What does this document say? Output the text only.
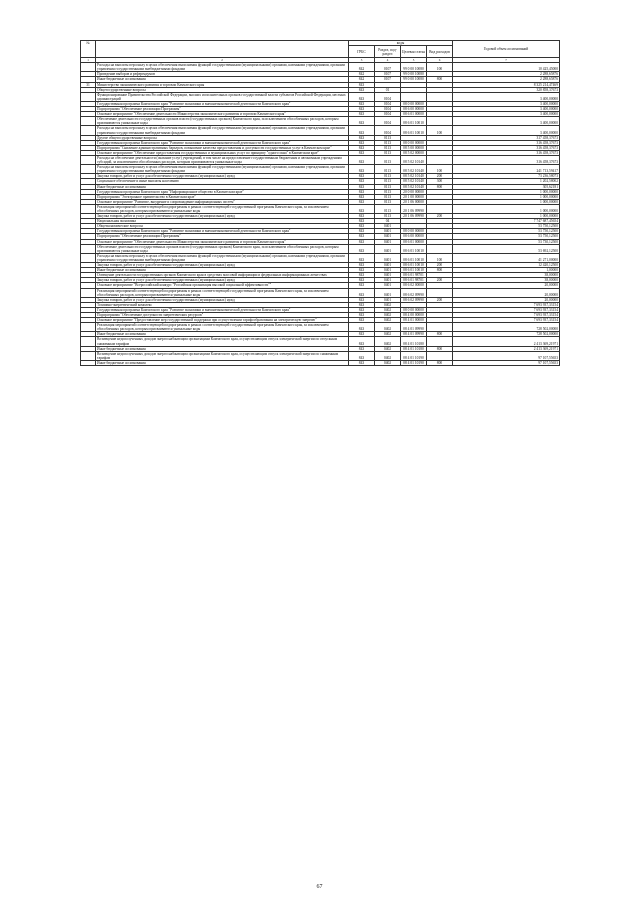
№		коды				Годовой объем ассигнований
		ГРБС	Раздел, под-раздел	Целевая статья	Вид расходов	
1	2	3	4	5	6	7
	Расходы на выплаты персоналу в целях обеспечения выполнения функций государственными (муниципальными) органами, казенными учреждениями, органами управления государственными внебюджетными фондами	842	0107	99 0 00 10080	100	10 425,45000
	Проведение выборов и референдумов	842	0107	99 0 00 10080		2 288,65876
	Иные бюджетные ассигнования	842	0107	99 0 00 10080	800	2 288,65876
31	Министерство экономического развития и торговли Камчатского края	843				8 325 214,47469
	Общегосударственные вопросы	843	01			320 858,37673
	Функционирование Правительства Российской Федерации, высших исполнительных органов государственной власти субъектов Российской Федерации, местных администраций	843	0104			3 400,00000
	Государственная программа Камчатского края "Развитие экономики и внешнеэкономической деятельности Камчатского края"	843	0104	08 0 00 00000		3 400,00000
	Подпрограмма "Обеспечение реализации Программы"	843	0104	08 6 00 00000		3 400,00000
	Основное мероприятие "Обеспечение деятельности Министерства экономического развития и торговли Камчатского края"	843	0104	08 6 01 00000		3 400,00000
	Обеспечение деятельности государственных органов власти (государственных органов) Камчатского края, за исключением обособленных расходов, которым присваиваются уникальные коды	843	0104	08 6 01 10010		3 400,00000
	Расходы на выплаты персоналу в целях обеспечения выполнения функций государственными (муниципальными) органами, казенными учреждениями, органами управления государственными внебюджетными фондами	843	0104	08 6 01 10010	100	3 400,00000
	Другие общегосударственные вопросы	843	0113			317 458,37673
	Государственная программа Камчатского края "Развитие экономики и внешнеэкономической деятельности Камчатского края"	843	0113	08 0 00 00000		316 458,37673
	Подпрограмма "Снижение административных барьеров, повышение качества предоставления и доступности государственных услуг в Камчатском крае"	843	0113	08 5 00 00000		316 458,37673
	Основное мероприятие "Обеспечение предоставления государственных и муниципальных услуг по принципу "одного окна" в Камчатском крае"	843	0113	08 5 02 00000		316 458,37673
	Расходы на обеспечение деятельности (оказание услуг) учреждений, в том числе на предоставление государственным бюджетным и автономным учреждениям субсидий, за исключением обособленных расходов, которым присваиваются уникальные коды	843	0113	08 5 02 10140		316 458,37673
	Расходы на выплаты персоналу в целях обеспечения выполнения функций государственными (муниципальными) органами, казенными учреждениями, органами управления государственными внебюджетными фондами	843	0113	08 5 02 10140	100	241 713,59417
	Закупка товаров, работ и услуг для обеспечения государственных (муниципальных) нужд	843	0113	08 5 02 10140	200	73 236,58073
	Социальное обеспечение и иные выплаты населению	843	0113	08 5 02 10140	300	1 202,58002
	Иные бюджетные ассигнования	843	0113	08 5 02 10140	800	305,62181
	Государственная программа Камчатского края "Информационное общество в Камчатском крае"	843	0113	20 0 00 00000		1 000,00000
	Подпрограмма "Электронное правительство в Камчатском крае"	843	0113	20 1 00 00000		1 000,00000
	Основное мероприятие "Развитие, внедрение и сопровождение информационных систем"	843	0113	20 1 06 00000		1 000,00000
	Реализация мероприятий соответствующей подпрограммы в рамках соответствующей государственной программы Камчатского края, за исключением обособленных расходов, которым присваиваются уникальные коды	843	0113	20 1 06 09990		1 000,00000
	Закупка товаров, работ и услуг для обеспечения государственных (муниципальных) нужд	843	0113	20 1 06 09990	200	1 000,00000
	Национальная экономика	843	04			7 747 687,45654
	Общеэкономические вопросы	843	0401			53 750,12500
	Государственная программа Камчатского края "Развитие экономики и внешнеэкономической деятельности Камчатского края"	843	0401	08 0 00 00000		53 750,12500
	Подпрограмма "Обеспечение реализации Программы"	843	0401	08 6 00 00000		53 750,12500
	Основное мероприятие "Обеспечение деятельности Министерства экономического развития и торговли Камчатского края"	843	0401	08 6 01 00000		53 730,12500
	Обеспечение деятельности государственных органов власти (государственных органов) Камчатского края, за исключением обособленных расходов, которым присваиваются уникальные коды	843	0401	08 6 01 10010		53 692,12500
	Расходы на выплаты персоналу в целях обеспечения выполнения функций государственными (муниципальными) органами, казенными учреждениями, органами управления государственными внебюджетными фондами	843	0401	08 6 01 10010	100	41 271,00000
	Закупка товаров, работ и услуг для обеспечения государственных (муниципальных) нужд	843	0401	08 6 01 10010	200	12 420,12500
	Иные бюджетные ассигнования	843	0401	08 6 01 10010	800	1,00000
	Освещение деятельности государственных органов Камчатского края в средствах массовой информации и федеральных информационных агентствах	843	0401	08 6 01 98701		38,00000
	Закупка товаров, работ и услуг для обеспечения государственных (муниципальных) нужд	843	0401	08 6 01 98701	200	38,00000
	Основное мероприятие "Всероссийский конкурс "Российская организация высокой социальной эффективности""	843	0401	08 6 02 00000		20,00000
	Реализация мероприятий соответствующей подпрограммы в рамках соответствующей государственной программы Камчатского края, за исключением обособленных расходов, которым присваиваются уникальные коды	843	0401	08 6 02 09990		20,00000
	Закупка товаров, работ и услуг для обеспечения государственных (муниципальных) нужд	843	0401	08 6 02 09990	200	20,00000
	Топливно-энергетический комплекс	843	0402			7 693 937,33154
	Государственная программа Камчатского края "Развитие экономики и внешнеэкономической деятельности Камчатского края"	843	0402	08 0 00 00000		7 693 937,33154
	Подпрограмма "Обеспечение доступности энергетических ресурсов"	843	0402	08 4 00 00000		7 693 937,33154
	Основное мероприятие "Предоставление мер государственной поддержки при осуществлении тарифообразования на электрическую энергию"	843	0402	08 4 01 00000		7 693 937,33154
	Реализация мероприятий соответствующей подпрограммы в рамках соответствующей государственной программы Камчатского края, за исключением обособленных расходов, которым присваиваются уникальные коды	843	0402	08 4 01 09990		728 502,00000
	Иные бюджетные ассигнования	843	0402	08 4 01 09990	800	728 502,00000
	Возмещение недополученных доходов энергоснабжающим организациям Камчатского края, осуществляющим отпуск электрической энергии по отпускным сниженным тарифам	843	0402	08 4 01 10180		2 413 369,21971
	Иные бюджетные ассигнования	843	0402	08 4 01 10180	800	2 413 369,21971
	Возмещение недополученных доходов энергоснабжающим организациям Камчатского края, осуществляющим отпуск электрической энергии по сниженным тарифам	843	0402	08 4 01 10190		97 107,55653
	Иные бюджетные ассигнования	843	0402	08 4 01 10190	800	97 107,55653
67
